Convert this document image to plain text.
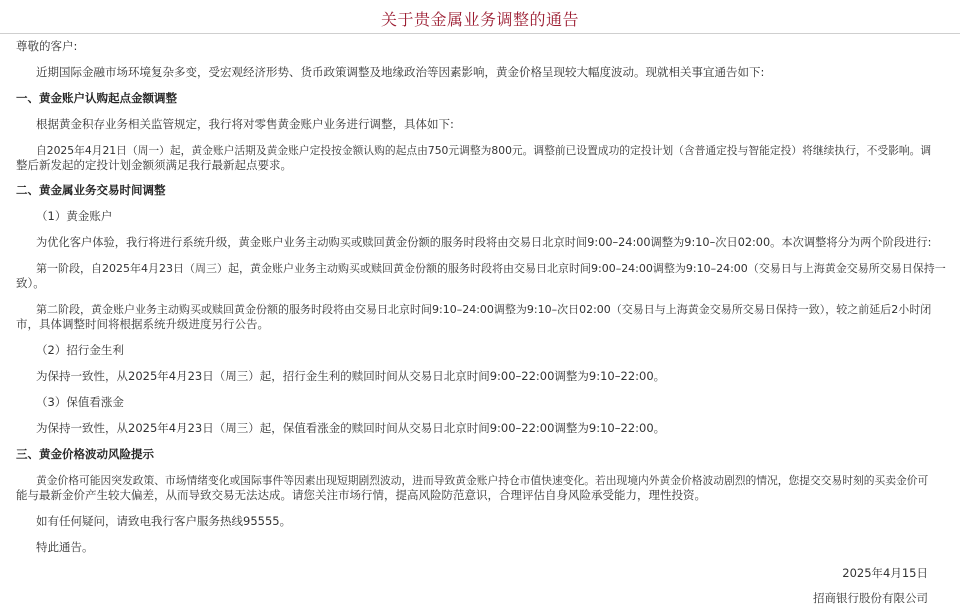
关于贵金属业务调整的通告
尊敬的客户:
近期国际金融市场环境复杂多变，受宏观经济形势、货币政策调整及地缘政治等因素影响，黄金价格呈现较大幅度波动。现就相关事宜通告如下:
一、黄金账户认购起点金额调整
根据黄金积存业务相关监管规定，我行将对零售黄金账户业务进行调整，具体如下:
自2025年4月21日（周一）起，黄金账户活期及黄金账户定投按金额认购的起点由750元调整为800元。调整前已设置成功的定投计划（含普通定投与智能定投）将继续执行，不受影响。调
整后新发起的定投计划金额须满足我行最新起点要求。
二、黄金属业务交易时间调整
（1）黄金账户
为优化客户体验，我行将进行系统升级，黄金账户业务主动购买或赎回黄金份额的服务时段将由交易日北京时间9:00–24:00调整为9:10–次日02:00。本次调整将分为两个阶段进行:
第一阶段，自2025年4月23日（周三）起，黄金账户业务主动购买或赎回黄金份额的服务时段将由交易日北京时间9:00–24:00调整为9:10–24:00（交易日与上海黄金交易所交易日保持一
致）。
第二阶段，黄金账户业务主动购买或赎回黄金份额的服务时段将由交易日北京时间9:10–24:00调整为9:10–次日02:00（交易日与上海黄金交易所交易日保持一致），较之前延后2小时闭
市，具体调整时间将根据系统升级进度另行公告。
（2）招行金生利
为保持一致性，从2025年4月23日（周三）起，招行金生利的赎回时间从交易日北京时间9:00–22:00调整为9:10–22:00。
（3）保值看涨金
为保持一致性，从2025年4月23日（周三）起，保值看涨金的赎回时间从交易日北京时间9:00–22:00调整为9:10–22:00。
三、黄金价格波动风险提示
黄金价格可能因突发政策、市场情绪变化或国际事件等因素出现短期剧烈波动，进而导致黄金账户持仓市值快速变化。若出现境内外黄金价格波动剧烈的情况，您提交交易时刻的买卖金价可
能与最新金价产生较大偏差，从而导致交易无法达成。请您关注市场行情，提高风险防范意识，合理评估自身风险承受能力，理性投资。
如有任何疑问，请致电我行客户服务热线95555。
特此通告。
2025年4月15日
招商银行股份有限公司
